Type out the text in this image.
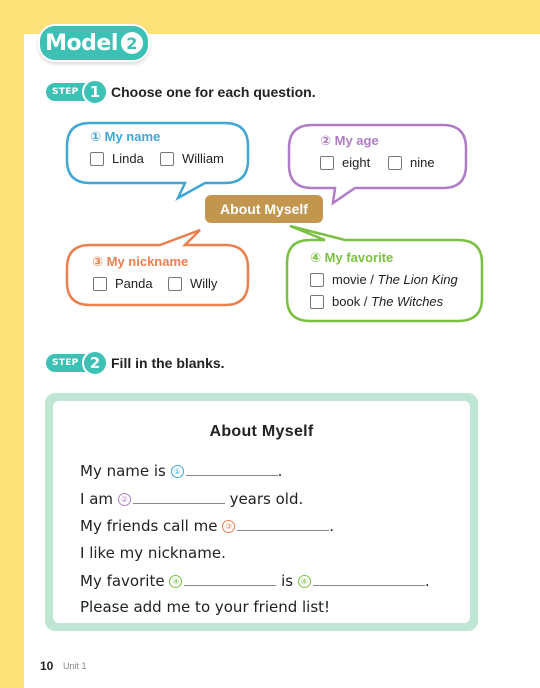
Model 2
STEP 1 Choose one for each question.
① My name
Linda	William
② My age
eight	nine
About Myself
③ My nickname
Panda	Willy
④ My favorite
movie / The Lion King
book / The Witches
STEP 2 Fill in the blanks.
About Myself
My name is ①	.
I am ②	years old.
My friends call me ③	.
I like my nickname.
My favorite ④	is ④	.
Please add me to your friend list!
10 Unit 1
